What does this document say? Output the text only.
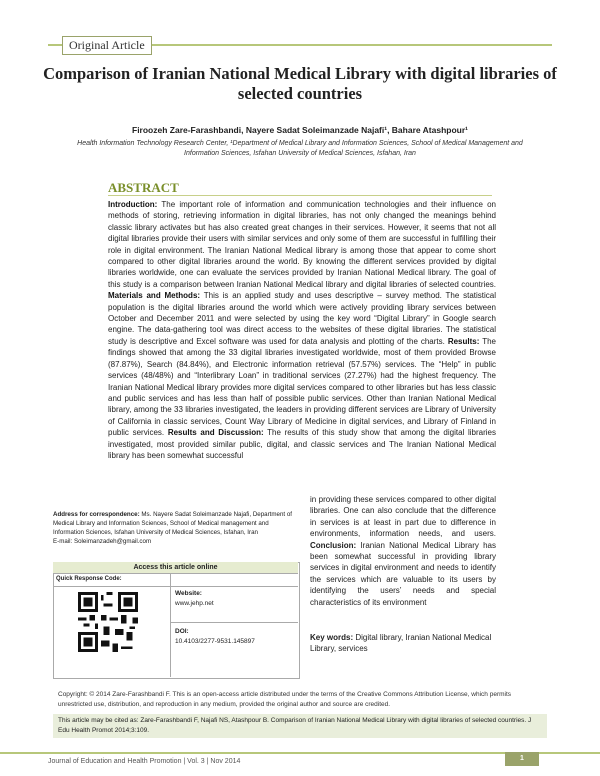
Original Article
Comparison of Iranian National Medical Library with digital libraries of selected countries
Firoozeh Zare-Farashbandi, Nayere Sadat Soleimanzade Najafi¹, Bahare Atashpour¹
Health Information Technology Research Center, ¹Department of Medical Library and Information Sciences, School of Medical Management and Information Sciences, Isfahan University of Medical Sciences, Isfahan, Iran
ABSTRACT
Introduction: The important role of information and communication technologies and their influence on methods of storing, retrieving information in digital libraries, has not only changed the meanings behind classic library activates but has also created great changes in their services. However, it seems that not all digital libraries provide their users with similar services and only some of them are successful in fulfilling their role in digital environment. The Iranian National Medical library is among those that appear to come short compared to other digital libraries around the world. By knowing the different services provided by digital libraries worldwide, one can evaluate the services provided by Iranian National Medical library. The goal of this study is a comparison between Iranian National Medical library and digital libraries of selected countries. Materials and Methods: This is an applied study and uses descriptive – survey method. The statistical population is the digital libraries around the world which were actively providing library services between October and December 2011 and were selected by using the key word “Digital Library” in Google search engine. The data-gathering tool was direct access to the websites of these digital libraries. The statistical study is descriptive and Excel software was used for data analysis and plotting of the charts. Results: The findings showed that among the 33 digital libraries investigated worldwide, most of them provided Browse (87.87%), Search (84.84%), and Electronic information retrieval (57.57%) services. The “Help” in public services (48/48%) and “Interlibrary Loan” in traditional services (27.27%) had the highest frequency. The Iranian National Medical library provides more digital services compared to other libraries but has less classic and public services and has less than half of possible public services. Other than Iranian National Medical library, among the 33 libraries investigated, the leaders in providing different services are Library of University of California in classic services, Count Way Library of Medicine in digital services, and Library of Finland in public services. Results and Discussion: The results of this study show that among the digital libraries investigated, most provided similar public, digital, and classic services and The Iranian National Medical library has been somewhat successful
in providing these services compared to other digital libraries. One can also conclude that the difference in services is at least in part due to difference in environments, information needs, and users. Conclusion: Iranian National Medical Library has been somewhat successful in providing library services in digital environment and needs to identify the services which are valuable to its users by identifying the users’ needs and special characteristics of its environment
Key words: Digital library, Iranian National Medical Library, services
Address for correspondence: Ms. Nayere Sadat Soleimanzade Najafi, Department of Medical Library and Information Sciences, School of Medical management and Information Sciences, Isfahan University of Medical Sciences, Isfahan, Iran
E-mail: Soleimanzadeh@gmail.com
Access this article online
Quick Response Code:
Website:
www.jehp.net
DOI:
10.4103/2277-9531.145897
Copyright: © 2014 Zare-Farashbandi F. This is an open-access article distributed under the terms of the Creative Commons Attribution License, which permits unrestricted use, distribution, and reproduction in any medium, provided the original author and source are credited.
This article may be cited as: Zare-Farashbandi F, Najafi NS, Atashpour B. Comparison of Iranian National Medical Library with digital libraries of selected countries. J Edu Health Promot 2014;3:109.
Journal of Education and Health Promotion | Vol. 3 | Nov 2014	1
